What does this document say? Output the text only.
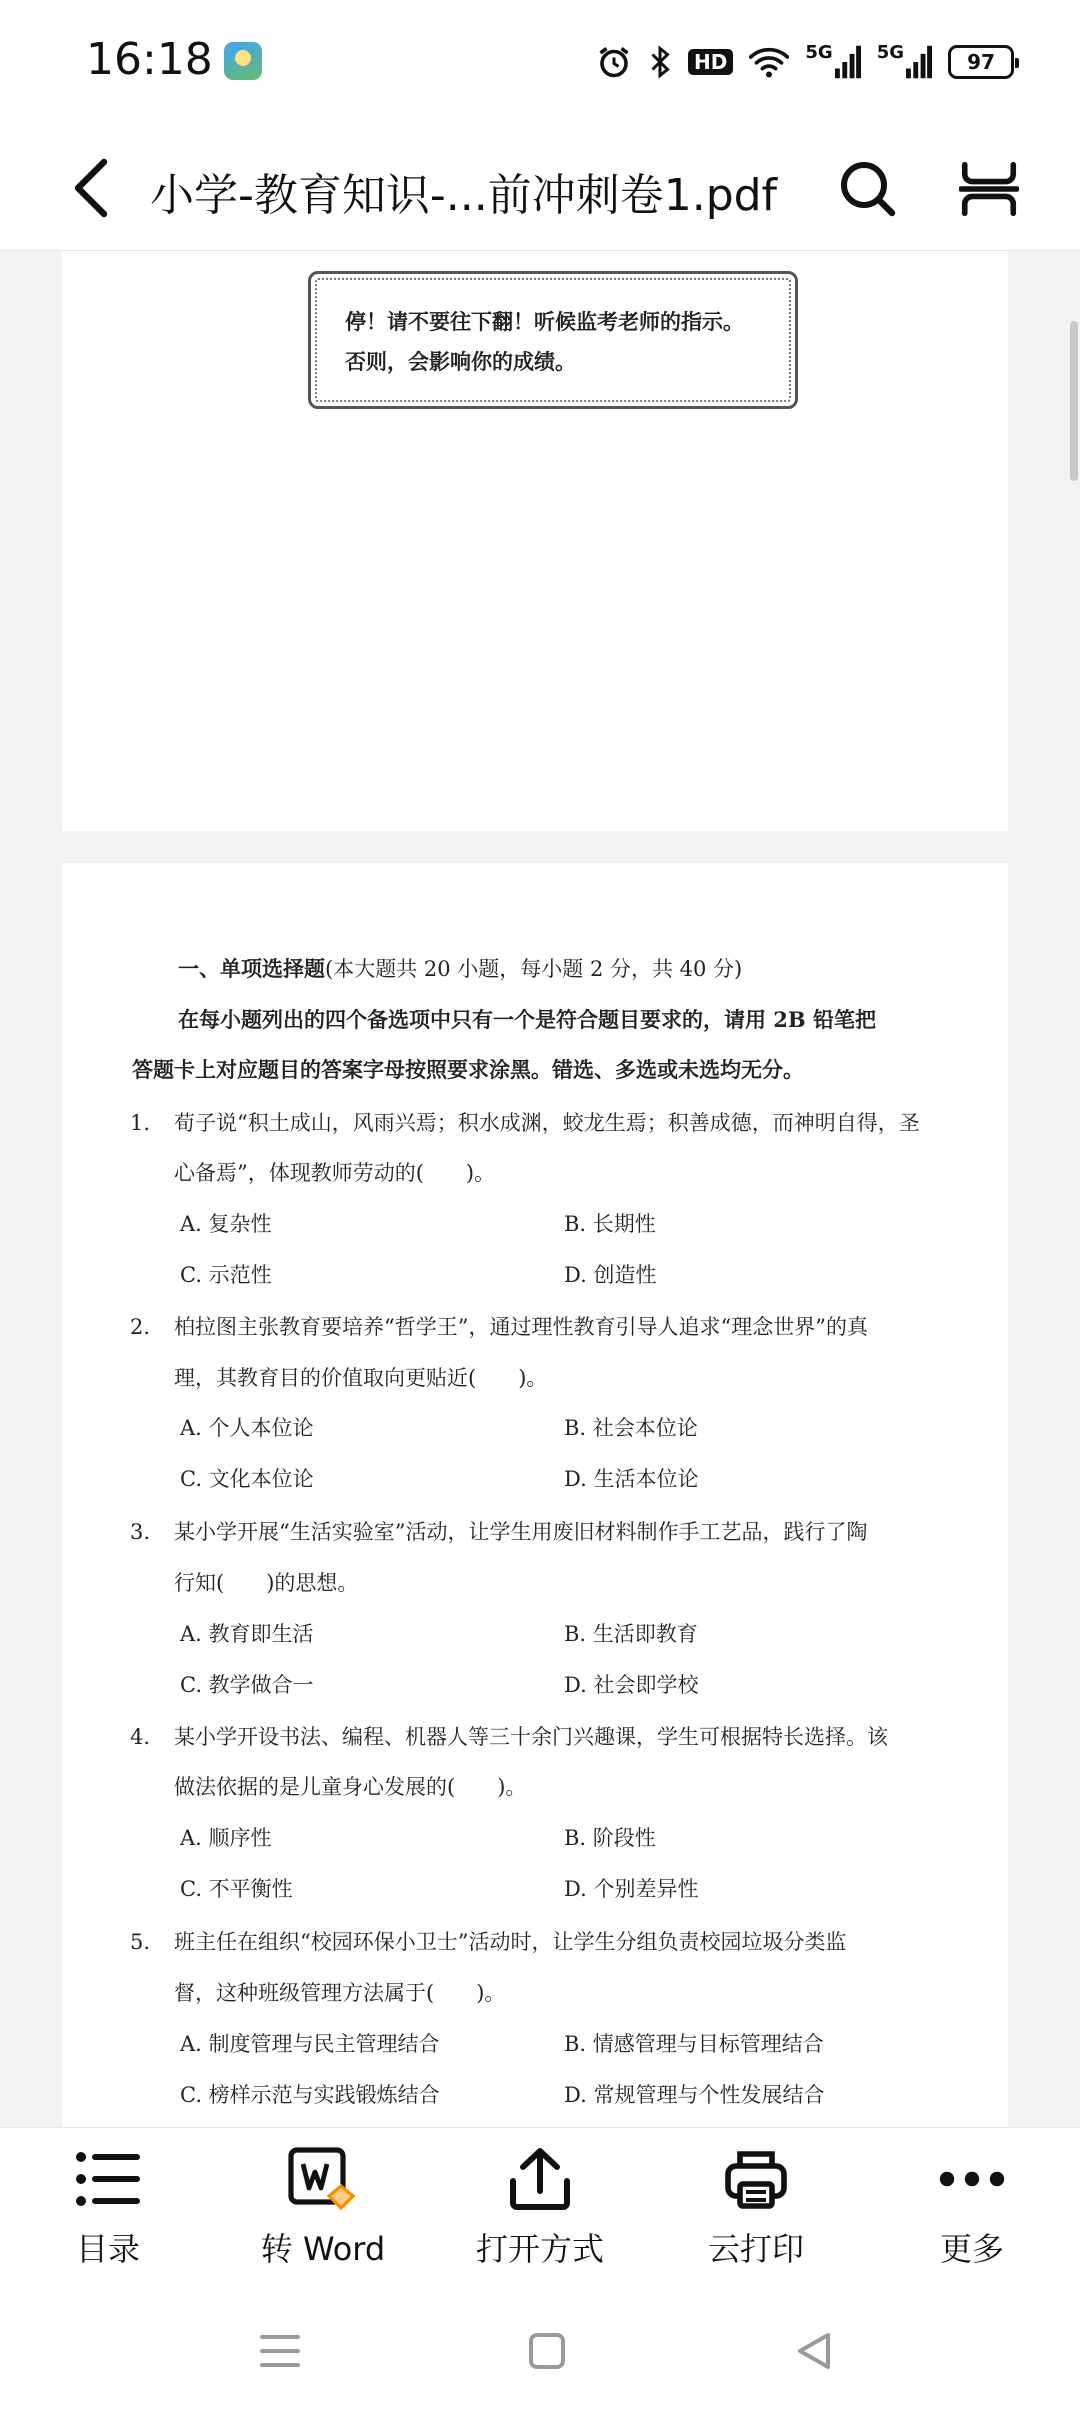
16:18	HD	5G 5G	97
小学-教育知识-...前冲刺卷1.pdf
停！请不要往下翻！听候监考老师的指示。
否则，会影响你的成绩。
一、单项选择题(本大题共 20 小题，每小题 2 分，共 40 分)
在每小题列出的四个备选项中只有一个是符合题目要求的，请用 2B 铅笔把
答题卡上对应题目的答案字母按照要求涂黑。错选、多选或未选均无分。
1. 荀子说“积土成山，风雨兴焉；积水成渊，蛟龙生焉；积善成德，而神明自得，圣
心备焉”，体现教师劳动的(　　)。
A. 复杂性	B. 长期性
C. 示范性	D. 创造性
2. 柏拉图主张教育要培养“哲学王”，通过理性教育引导人追求“理念世界”的真
理，其教育目的价值取向更贴近(　　)。
A. 个人本位论	B. 社会本位论
C. 文化本位论	D. 生活本位论
3. 某小学开展“生活实验室”活动，让学生用废旧材料制作手工艺品，践行了陶
行知(　　)的思想。
A. 教育即生活	B. 生活即教育
C. 教学做合一	D. 社会即学校
4. 某小学开设书法、编程、机器人等三十余门兴趣课，学生可根据特长选择。该
做法依据的是儿童身心发展的(　　)。
A. 顺序性	B. 阶段性
C. 不平衡性	D. 个别差异性
5. 班主任在组织“校园环保小卫士”活动时，让学生分组负责校园垃圾分类监
督，这种班级管理方法属于(　　)。
A. 制度管理与民主管理结合	B. 情感管理与目标管理结合
C. 榜样示范与实践锻炼结合	D. 常规管理与个性发展结合
目录	转 Word	打开方式	云打印	更多
